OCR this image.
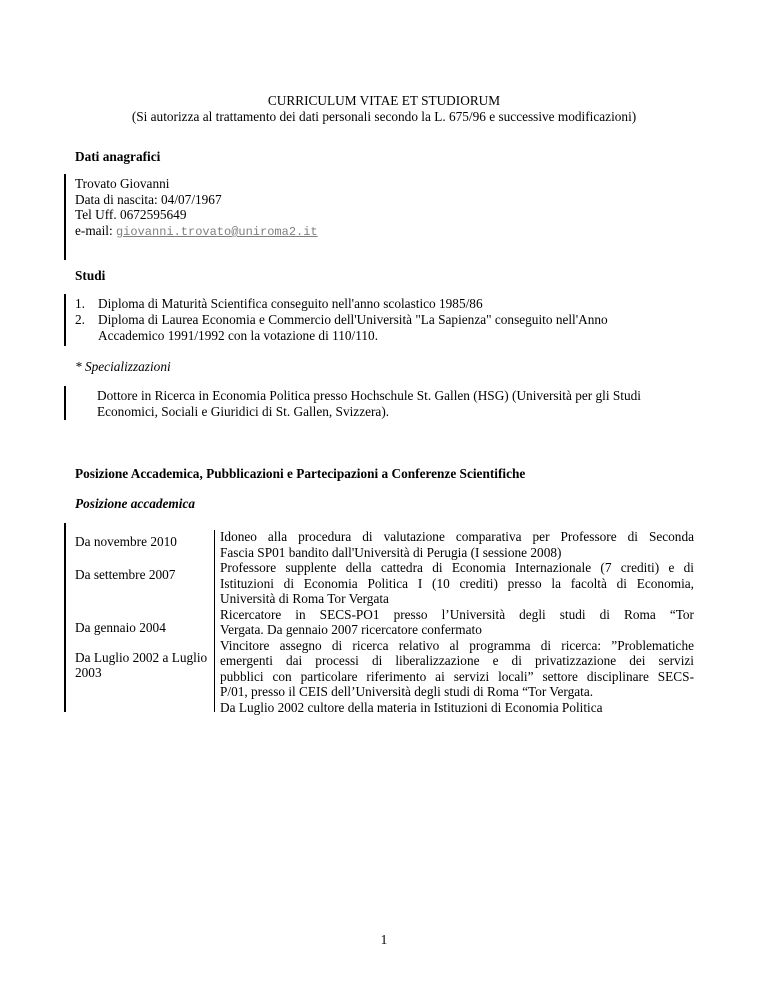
CURRICULUM VITAE ET STUDIORUM
(Si autorizza al trattamento dei dati personali secondo la L. 675/96 e successive modificazioni)
Dati anagrafici
Trovato Giovanni
Data di nascita: 04/07/1967
Tel Uff. 0672595649
e-mail: giovanni.trovato@uniroma2.it
Studi
1. Diploma di Maturità Scientifica conseguito nell'anno scolastico 1985/86
2. Diploma di Laurea Economia e Commercio dell'Università "La Sapienza" conseguito nell'Anno
Accademico 1991/1992 con la votazione di 110/110.
* Specializzazioni
Dottore in Ricerca in Economia Politica presso Hochschule St. Gallen (HSG) (Università per gli Studi
Economici, Sociali e Giuridici di St. Gallen, Svizzera).
Posizione Accademica, Pubblicazioni e Partecipazioni a Conferenze Scientifiche
Posizione accademica
Da novembre 2010
Da settembre 2007
Da gennaio 2004
Da Luglio 2002 a Luglio
2003
Idoneo alla procedura di valutazione comparativa per Professore di Seconda
Fascia SP01 bandito dall'Università di Perugia (I sessione 2008)
Professore supplente della cattedra di Economia Internazionale (7 crediti) e di
Istituzioni di Economia Politica I (10 crediti) presso la facoltà di Economia,
Università di Roma Tor Vergata
Ricercatore in SECS-PO1 presso l’Università degli studi di Roma “Tor
Vergata. Da gennaio 2007 ricercatore confermato
Vincitore assegno di ricerca relativo al programma di ricerca: ”Problematiche
emergenti dai processi di liberalizzazione e di privatizzazione dei servizi
pubblici con particolare riferimento ai servizi locali” settore disciplinare SECS-
P/01, presso il CEIS dell’Università degli studi di Roma “Tor Vergata.
Da Luglio 2002 cultore della materia in Istituzioni di Economia Politica
1
